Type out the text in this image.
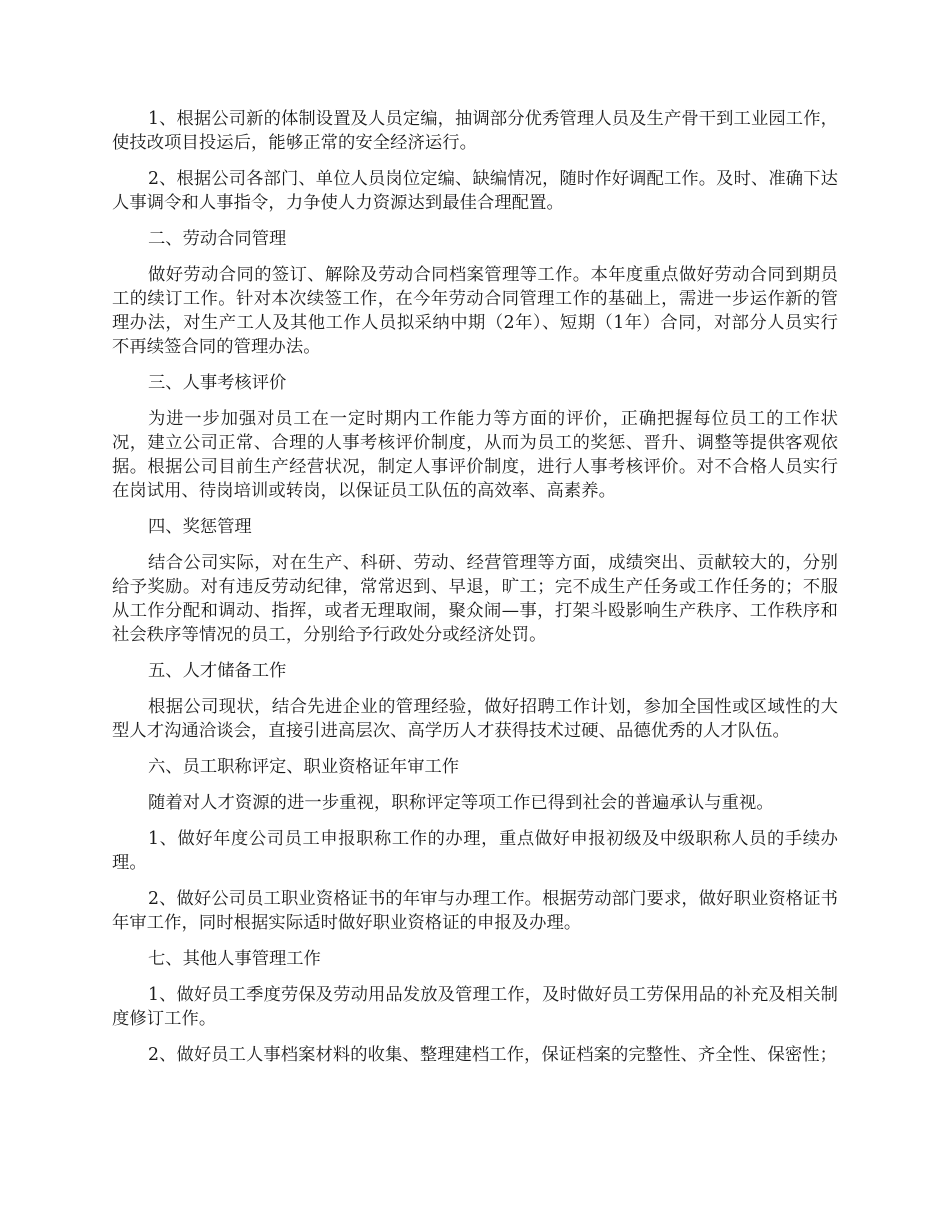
1、根据公司新的体制设置及人员定编，抽调部分优秀管理人员及生产骨干到工业园工作，使技改项目投运后，能够正常的安全经济运行。

2、根据公司各部门、单位人员岗位定编、缺编情况，随时作好调配工作。及时、准确下达人事调令和人事指令，力争使人力资源达到最佳合理配置。

二、劳动合同管理

做好劳动合同的签订、解除及劳动合同档案管理等工作。本年度重点做好劳动合同到期员工的续订工作。针对本次续签工作，在今年劳动合同管理工作的基础上，需进一步运作新的管理办法，对生产工人及其他工作人员拟采纳中期（2年）、短期（1年）合同，对部分人员实行不再续签合同的管理办法。

三、人事考核评价

为进一步加强对员工在一定时期内工作能力等方面的评价，正确把握每位员工的工作状况，建立公司正常、合理的人事考核评价制度，从而为员工的奖惩、晋升、调整等提供客观依据。根据公司目前生产经营状况，制定人事评价制度，进行人事考核评价。对不合格人员实行在岗试用、待岗培训或转岗，以保证员工队伍的高效率、高素养。

四、奖惩管理

结合公司实际，对在生产、科研、劳动、经营管理等方面，成绩突出、贡献较大的，分别给予奖励。对有违反劳动纪律，常常迟到、早退，旷工；完不成生产任务或工作任务的；不服从工作分配和调动、指挥，或者无理取闹，聚众闹—事，打架斗殴影响生产秩序、工作秩序和社会秩序等情况的员工，分别给予行政处分或经济处罚。

五、人才储备工作

根据公司现状，结合先进企业的管理经验，做好招聘工作计划，参加全国性或区域性的大型人才沟通洽谈会，直接引进高层次、高学历人才获得技术过硬、品德优秀的人才队伍。

六、员工职称评定、职业资格证年审工作

随着对人才资源的进一步重视，职称评定等项工作已得到社会的普遍承认与重视。

1、做好年度公司员工申报职称工作的办理，重点做好申报初级及中级职称人员的手续办理。

2、做好公司员工职业资格证书的年审与办理工作。根据劳动部门要求，做好职业资格证书年审工作，同时根据实际适时做好职业资格证的申报及办理。

七、其他人事管理工作

1、做好员工季度劳保及劳动用品发放及管理工作，及时做好员工劳保用品的补充及相关制度修订工作。

2、做好员工人事档案材料的收集、整理建档工作，保证档案的完整性、齐全性、保密性；
